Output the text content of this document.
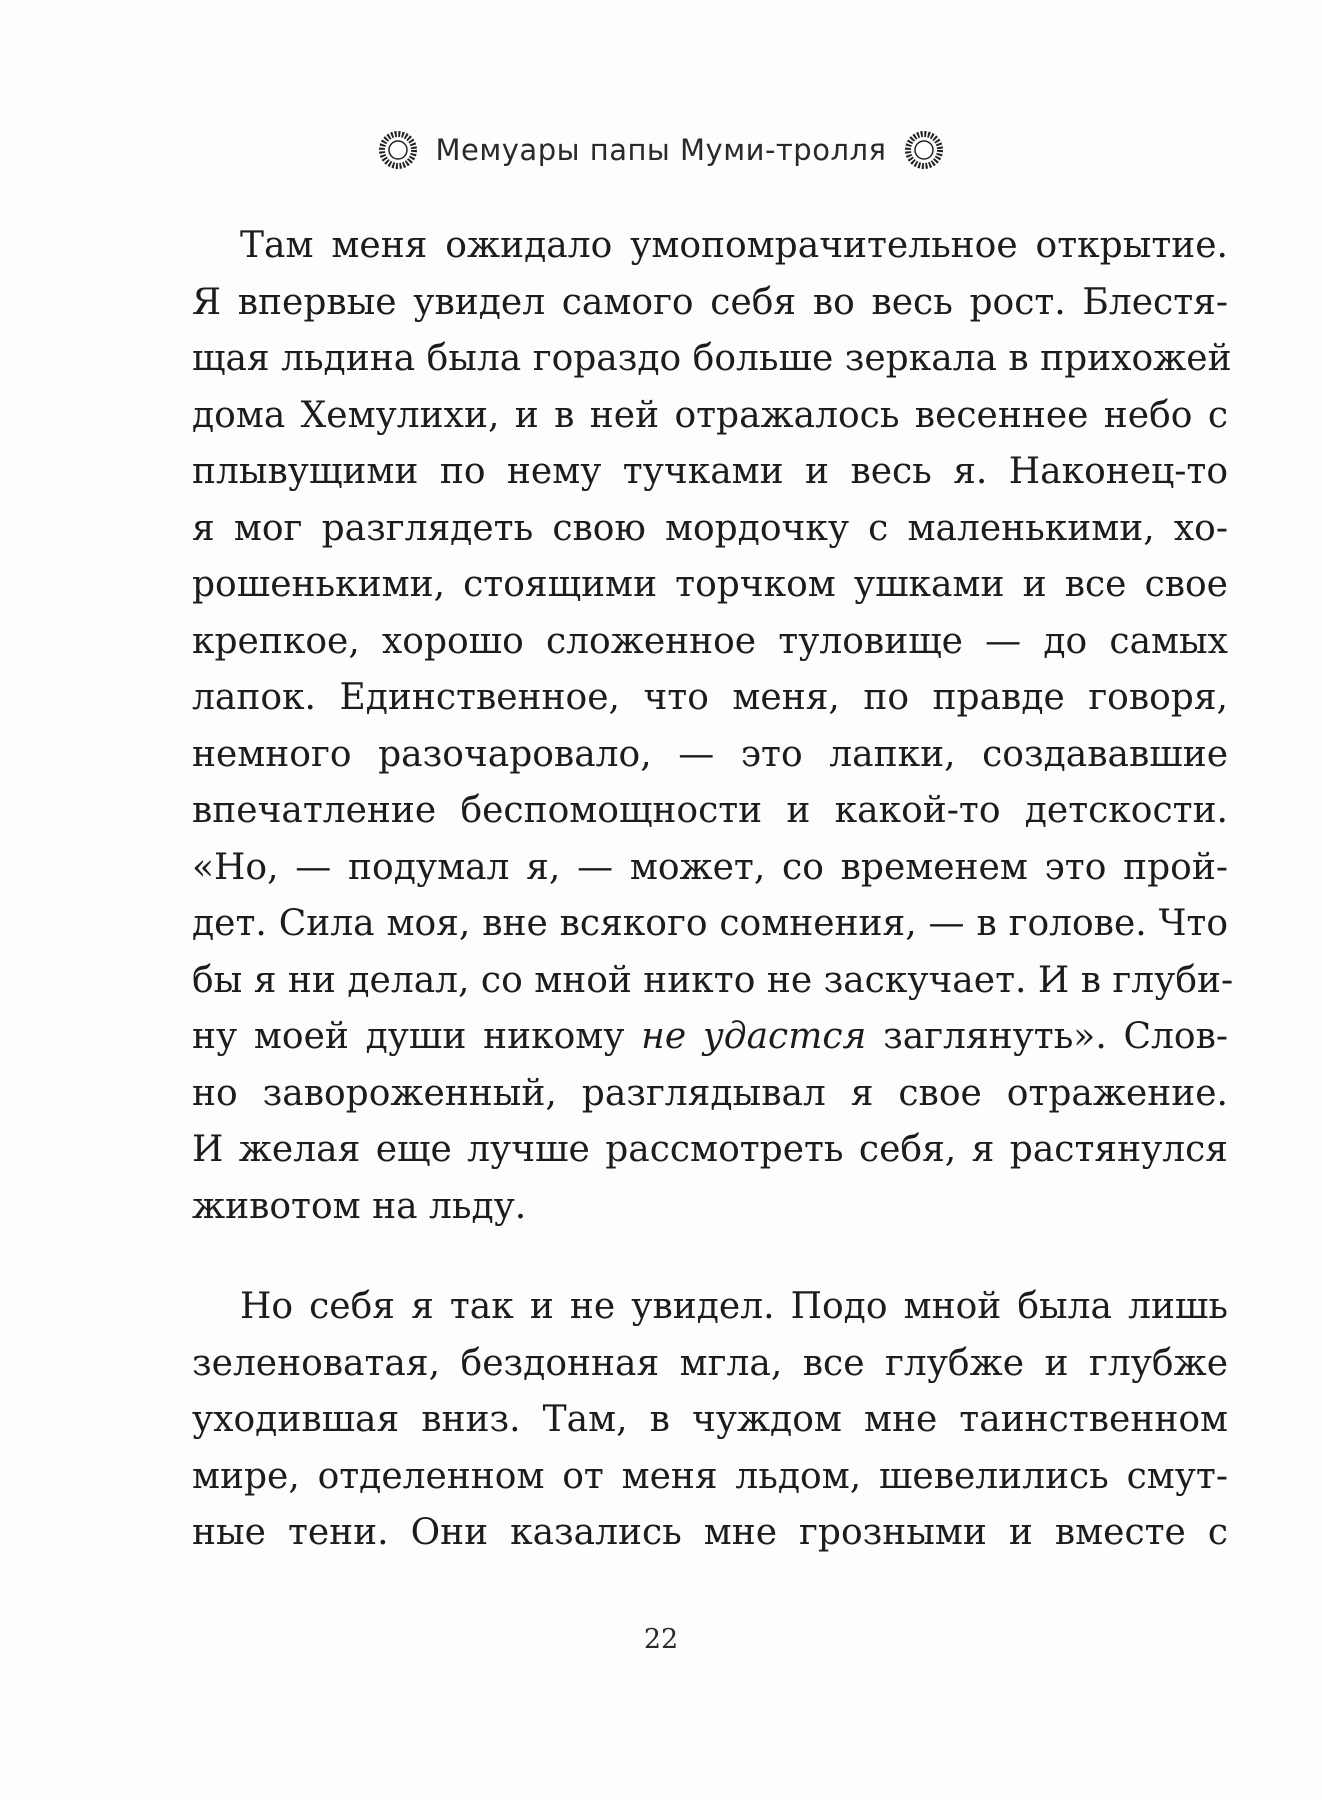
Мемуары папы Муми-тролля
Там меня ожидало умопомрачительное открытие.
Я впервые увидел самого себя во весь рост. Блестя-
щая льдина была гораздо больше зеркала в прихожей
дома Хемулихи, и в ней отражалось весеннее небо с
плывущими по нему тучками и весь я. Наконец-то
я мог разглядеть свою мордочку с маленькими, хо-
рошенькими, стоящими торчком ушками и все свое
крепкое, хорошо сложенное туловище — до самых
лапок. Единственное, что меня, по правде говоря,
немного разочаровало, — это лапки, создававшие
впечатление беспомощности и какой-то детскости.
«Но, — подумал я, — может, со временем это прой-
дет. Сила моя, вне всякого сомнения, — в голове. Что
бы я ни делал, со мной никто не заскучает. И в глуби-
ну моей души никому не удастся заглянуть». Слов-
но завороженный, разглядывал я свое отражение.
И желая еще лучше рассмотреть себя, я растянулся
животом на льду.
Но себя я так и не увидел. Подо мной была лишь
зеленоватая, бездонная мгла, все глубже и глубже
уходившая вниз. Там, в чуждом мне таинственном
мире, отделенном от меня льдом, шевелились смут-
ные тени. Они казались мне грозными и вместе с
22
